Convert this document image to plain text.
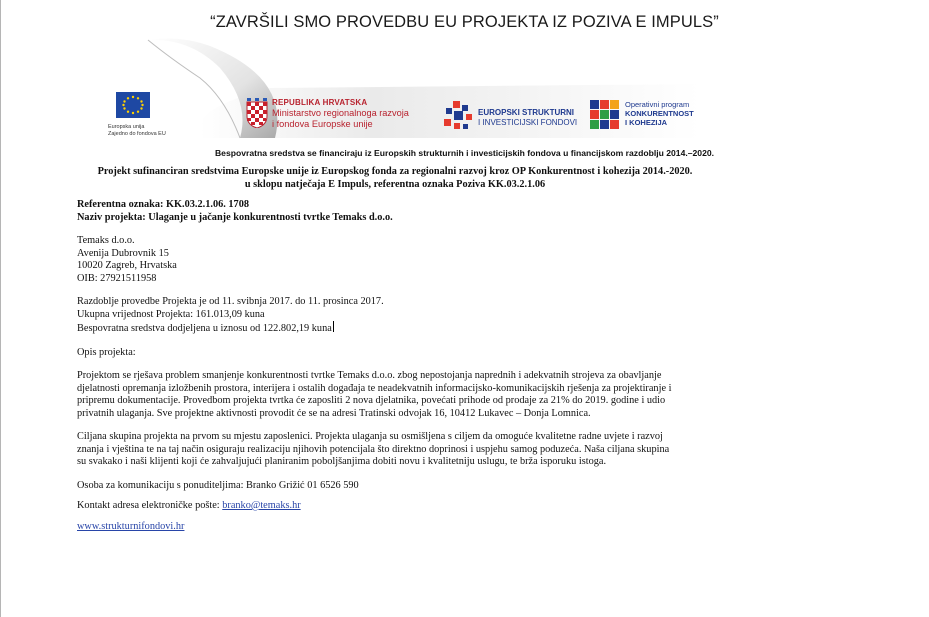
“ZAVRŠILI SMO PROVEDBU EU PROJEKTA IZ POZIVA E IMPULS”
Europska unija
Zajedno do fondova EU
REPUBLIKA HRVATSKA
Ministarstvo regionalnoga razvoja
i fondova Europske unije
EUROPSKI STRUKTURNI
I INVESTICIJSKI FONDOVI
Operativni program
KONKURENTNOST
I KOHEZIJA
Bespovratna sredstva se financiraju iz Europskih strukturnih i investicijskih fondova u financijskom razdoblju 2014.–2020.
Projekt sufinanciran sredstvima Europske unije iz Europskog fonda za regionalni razvoj kroz OP Konkurentnost i kohezija 2014.-2020.
u sklopu natječaja E Impuls, referentna oznaka Poziva KK.03.2.1.06

Referentna oznaka: KK.03.2.1.06. 1708

Naziv projekta: Ulaganje u jačanje konkurentnosti tvrtke Temaks d.o.o.

Temaks d.o.o.

Avenija Dubrovnik 15

10020 Zagreb, Hrvatska

OIB: 27921511958

Razdoblje provedbe Projekta je od 11. svibnja 2017. do 11. prosinca 2017.

Ukupna vrijednost Projekta: 161.013,09 kuna

Bespovratna sredstva dodjeljena u iznosu od 122.802,19 kuna

Opis projekta:

Projektom se rješava problem smanjenje konkurentnosti tvrtke Temaks d.o.o. zbog nepostojanja naprednih i adekvatnih strojeva za obavljanje

djelatnosti opremanja izložbenih prostora, interijera i ostalih događaja te neadekvatnih informacijsko-komunikacijskih rješenja za projektiranje i

pripremu dokumentacije. Provedbom projekta tvrtka će zaposliti 2 nova djelatnika, povećati prihode od prodaje za 21% do 2019. godine i udio

privatnih ulaganja. Sve projektne aktivnosti provodit će se na adresi Tratinski odvojak 16, 10412 Lukavec – Donja Lomnica.

Ciljana skupina projekta na prvom su mjestu zaposlenici. Projekta ulaganja su osmišljena s ciljem da omoguće kvalitetne radne uvjete i razvoj

znanja i vještina te na taj način osiguraju realizaciju njihovih potencijala što direktno doprinosi i uspjehu samog poduzeća. Naša ciljana skupina

su svakako i naši klijenti koji će zahvaljujući planiranim poboljšanjima dobiti novu i kvalitetniju uslugu, te brža isporuku istoga.

Osoba za komunikaciju s ponuditeljima: Branko Grižić 01 6526 590

Kontakt adresa elektroničke pošte: branko@temaks.hr

www.strukturnifondovi.hr
